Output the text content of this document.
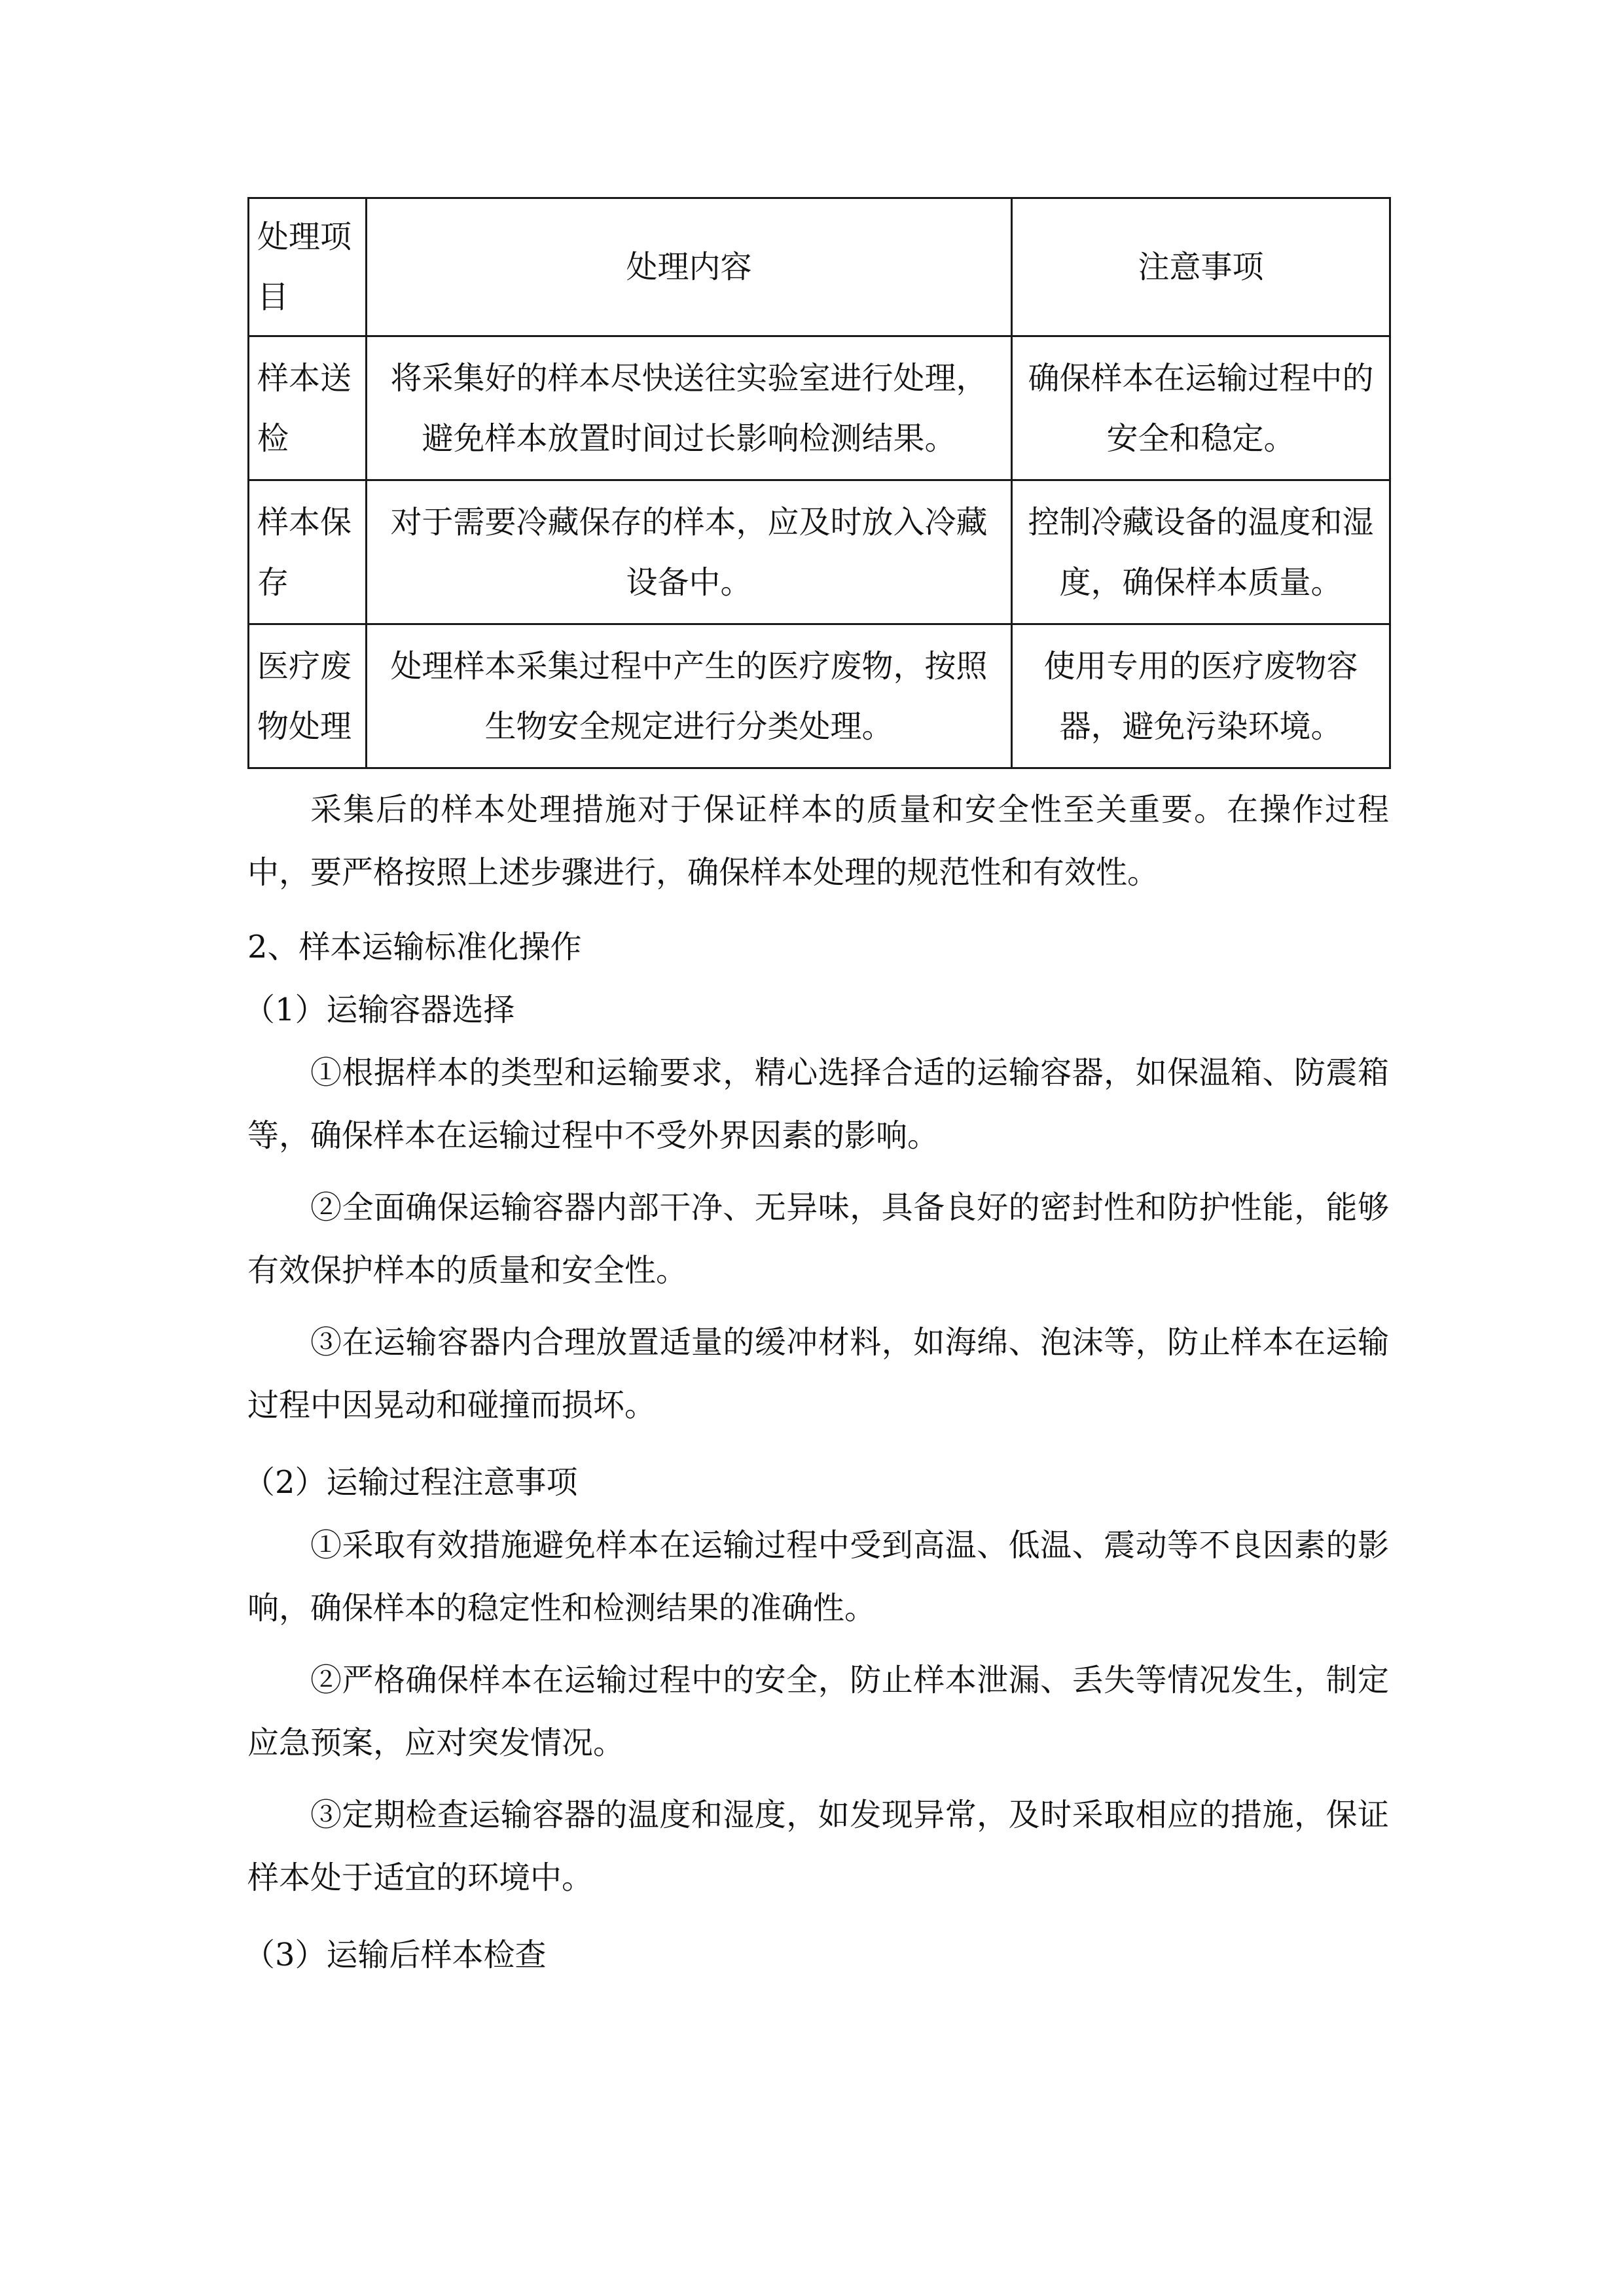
处理项目	处理内容	注意事项
样本送检	将采集好的样本尽快送往实验室进行处理，避免样本放置时间过长影响检测结果。	确保样本在运输过程中的安全和稳定。
样本保存	对于需要冷藏保存的样本，应及时放入冷藏设备中。	控制冷藏设备的温度和湿度，确保样本质量。
医疗废物处理	处理样本采集过程中产生的医疗废物，按照生物安全规定进行分类处理。	使用专用的医疗废物容器，避免污染环境。

采集后的样本处理措施对于保证样本的质量和安全性至关重要。在操作过程中，要严格按照上述步骤进行，确保样本处理的规范性和有效性。

2、样本运输标准化操作

（1）运输容器选择

①根据样本的类型和运输要求，精心选择合适的运输容器，如保温箱、防震箱等，确保样本在运输过程中不受外界因素的影响。

②全面确保运输容器内部干净、无异味，具备良好的密封性和防护性能，能够有效保护样本的质量和安全性。

③在运输容器内合理放置适量的缓冲材料，如海绵、泡沫等，防止样本在运输过程中因晃动和碰撞而损坏。

（2）运输过程注意事项

①采取有效措施避免样本在运输过程中受到高温、低温、震动等不良因素的影响，确保样本的稳定性和检测结果的准确性。

②严格确保样本在运输过程中的安全，防止样本泄漏、丢失等情况发生，制定应急预案，应对突发情况。

③定期检查运输容器的温度和湿度，如发现异常，及时采取相应的措施，保证样本处于适宜的环境中。

（3）运输后样本检查
